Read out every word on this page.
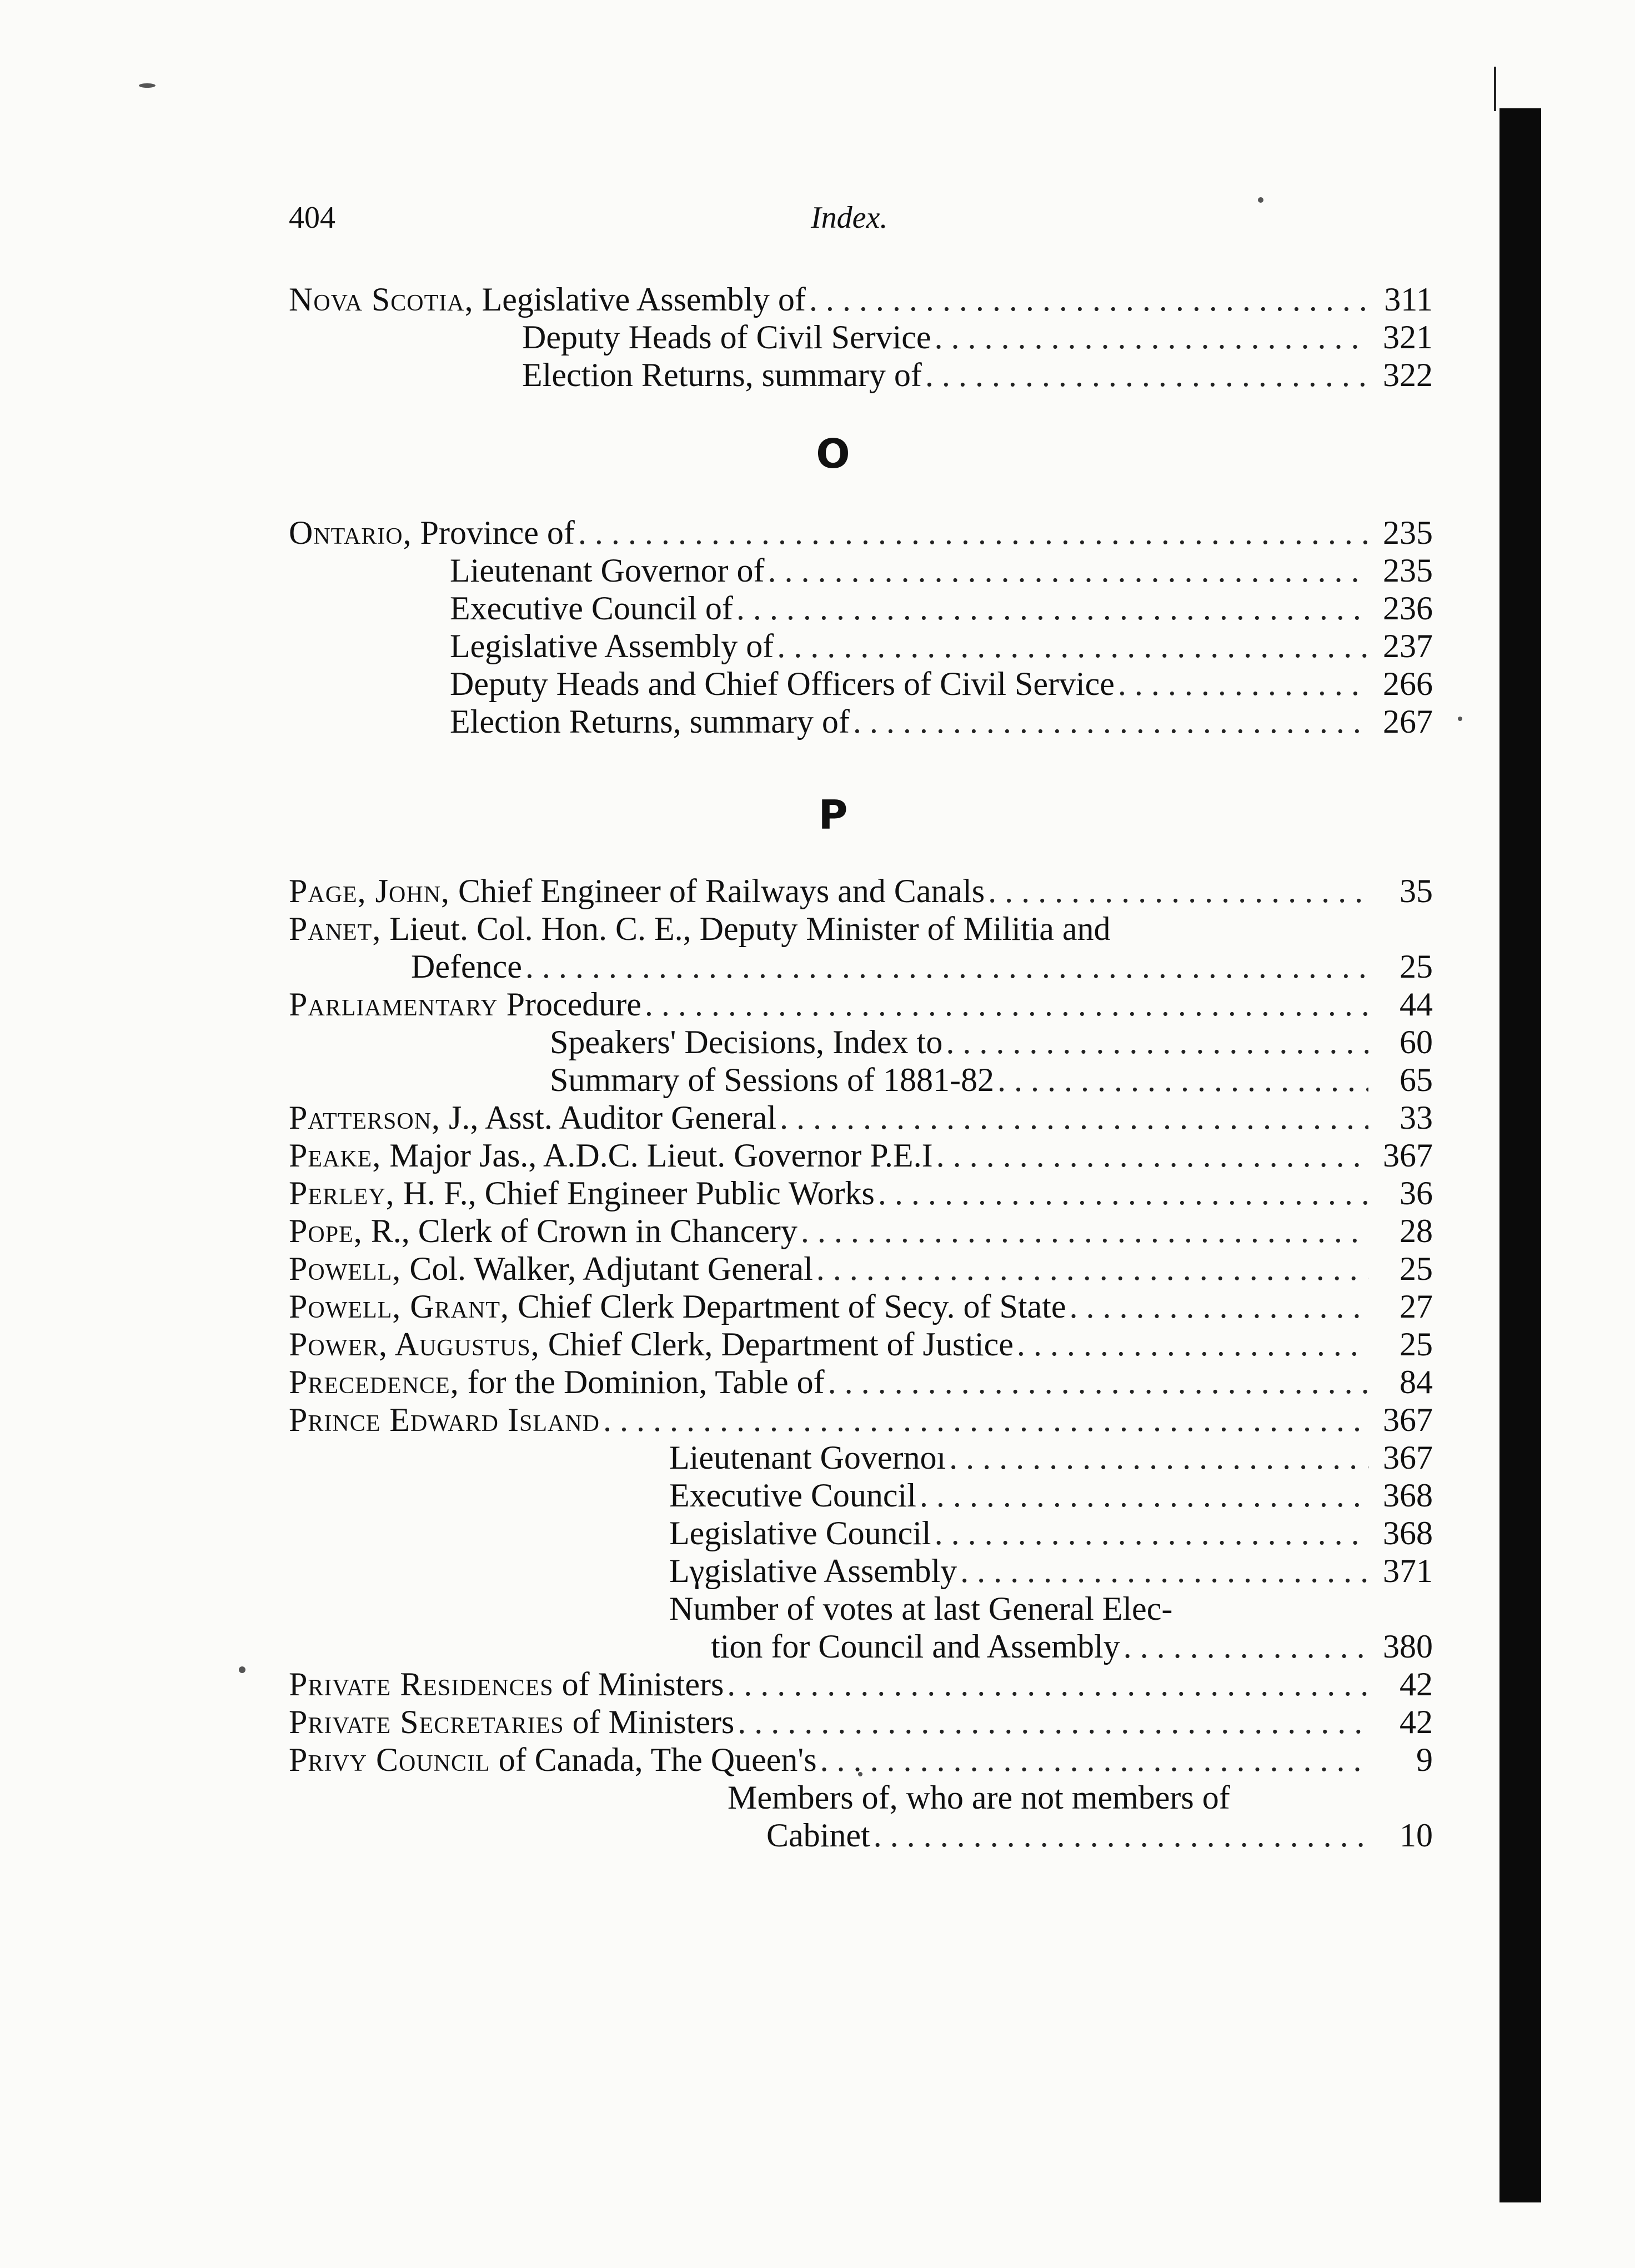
404	Index.
O
P
Nova Scotia, Legislative Assembly of . . .	311
Deputy Heads of Civil Service . . .	321
Election Returns, summary of . . .	322
Ontario, Province of . . .	235
Lieutenant Governor of . . .	235
Executive Council of . . .	236
Legislative Assembly of . . .	237
Deputy Heads and Chief Officers of Civil Service . . .	266
Election Returns, summary of . . .	267
Page, John, Chief Engineer of Railways and Canals . . .	35
Panet, Lieut. Col. Hon. C. E., Deputy Minister of Militia and
Defence . . .	25
Parliamentary Procedure . . .	44
Speakers' Decisions, Index to . . .	60
Summary of Sessions of 1881-82 . . .	65
Patterson, J., Asst. Auditor General . . .	33
Peake, Major Jas., A.D.C. Lieut. Governor P.E.I . . .	367
Perley, H. F., Chief Engineer Public Works . . .	36
Pope, R., Clerk of Crown in Chancery . . .	28
Powell, Col. Walker, Adjutant General . . .	25
Powell, Grant, Chief Clerk Department of Secy. of State . . .	27
Power, Augustus, Chief Clerk, Department of Justice . . .	25
Precedence, for the Dominion, Table of . . .	84
Prince Edward Island . . .	367
Lieutenant Governoı . . .	367
Executive Council . . .	368
Legislative Council . . .	368
Lγgislative Assembly . . .	371
Number of votes at last General Elec-
tion for Council and Assembly . . .	380
Private Residences of Ministers . . .	42
Private Secretaries of Ministers . . .	42
Privy Council of Canada, The Queen's . . .	9
Members of, who are not members of
Cabinet . . .	10
